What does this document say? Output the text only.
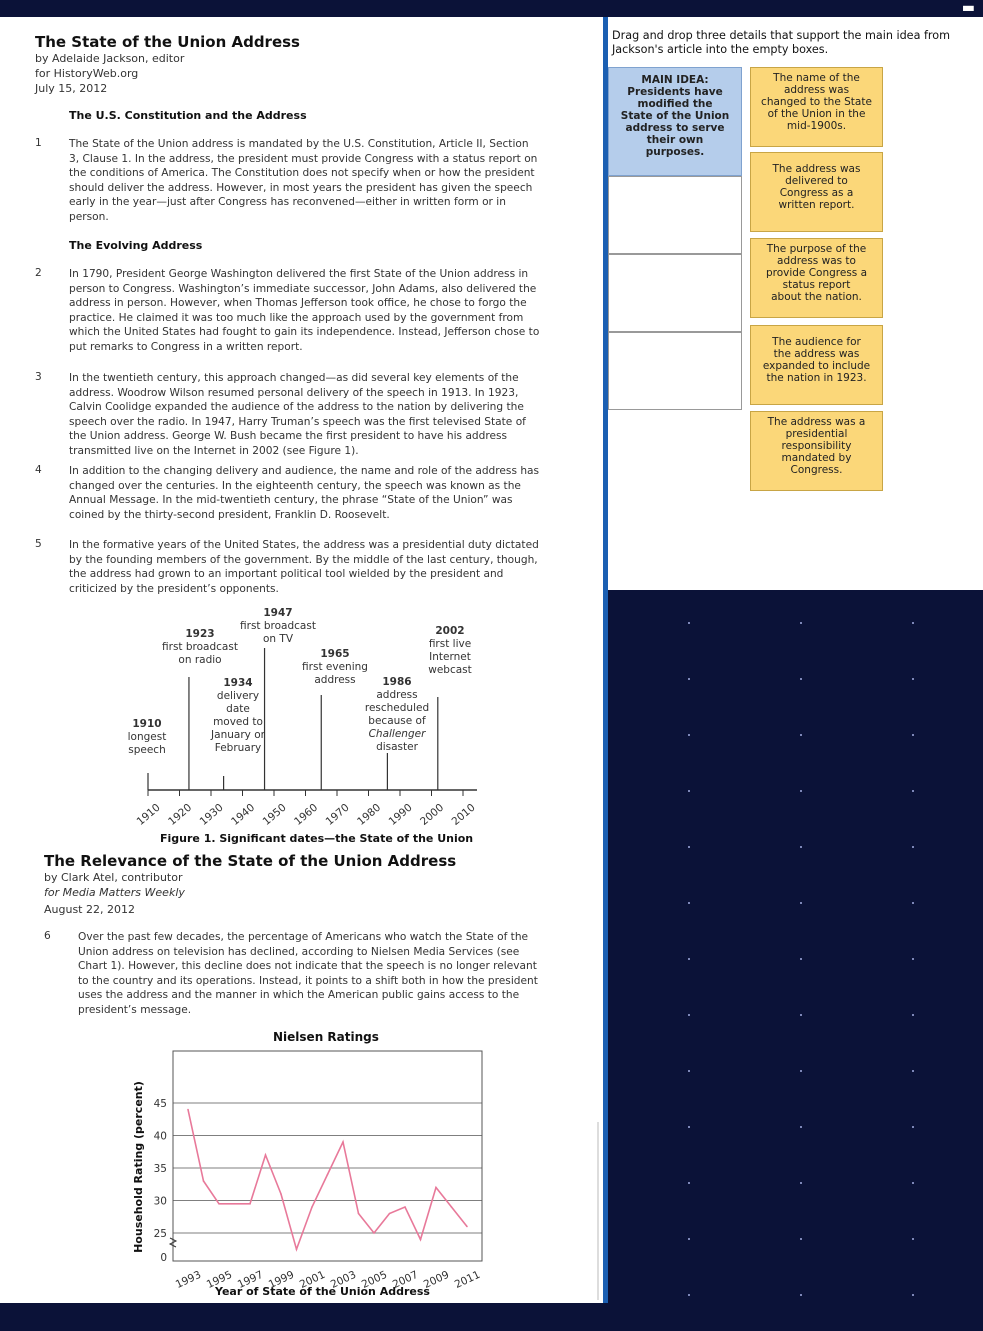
▬
The State of the Union Address
by Adelaide Jackson, editor
for HistoryWeb.org
July 15, 2012
The U.S. Constitution and the Address
1	The State of the Union address is mandated by the U.S. Constitution, Article II, Section
3, Clause 1. In the address, the president must provide Congress with a status report on
the conditions of America. The Constitution does not specify when or how the president
should deliver the address. However, in most years the president has given the speech
early in the year—just after Congress has reconvened—either in written form or in
person.
The Evolving Address
2	In 1790, President George Washington delivered the first State of the Union address in
person to Congress. Washington’s immediate successor, John Adams, also delivered the
address in person. However, when Thomas Jefferson took office, he chose to forgo the
practice. He claimed it was too much like the approach used by the government from
which the United States had fought to gain its independence. Instead, Jefferson chose to
put remarks to Congress in a written report.
3	In the twentieth century, this approach changed—as did several key elements of the
address. Woodrow Wilson resumed personal delivery of the speech in 1913. In 1923,
Calvin Coolidge expanded the audience of the address to the nation by delivering the
speech over the radio. In 1947, Harry Truman’s speech was the first televised State of
the Union address. George W. Bush became the first president to have his address
transmitted live on the Internet in 2002 (see Figure 1).
4	In addition to the changing delivery and audience, the name and role of the address has
changed over the centuries. In the eighteenth century, the speech was known as the
Annual Message. In the mid-twentieth century, the phrase “State of the Union” was
coined by the thirty-second president, Franklin D. Roosevelt.
5	In the formative years of the United States, the address was a presidential duty dictated
by the founding members of the government. By the middle of the last century, though,
the address had grown to an important political tool wielded by the president and
criticized by the president’s opponents.
1910 1920 1930 1940 1950 1960 1970 1980 1990 2000 2010
1910
longest
speech
1923
first broadcast
on radio
1934
delivery
date
moved to
January or
February
1947
first broadcast
on TV
1965
first evening
address	1986
address
rescheduled
because of
Challenger
disaster
2002
first live
Internet
webcast
Figure 1. Significant dates—the State of the Union
The Relevance of the State of the Union Address
by Clark Atel, contributor
for Media Matters Weekly
August 22, 2012
6	Over the past few decades, the percentage of Americans who watch the State of the
Union address on television has declined, according to Nielsen Media Services (see
Chart 1). However, this decline does not indicate that the speech is no longer relevant
to the country and its operations. Instead, it points to a shift both in how the president
uses the address and the manner in which the American public gains access to the
president’s message.
Nielsen Ratings
0
25
30
35
40
45
1993 1995 1997 1999 2001 2003 2005 2007 2009 2011
Household Rating (percent)
Year of State of the Union Address
Drag and drop three details that support the main idea from
Jackson's article into the empty boxes.
MAIN IDEA:
Presidents have
modified the
State of the Union
address to serve
their own
purposes.
The name of the
address was
changed to the State
of the Union in the
mid-1900s.
The address was
delivered to
Congress as a
written report.
The purpose of the
address was to
provide Congress a
status report
about the nation.
The audience for
the address was
expanded to include
the nation in 1923.
The address was a
presidential
responsibility
mandated by
Congress.
